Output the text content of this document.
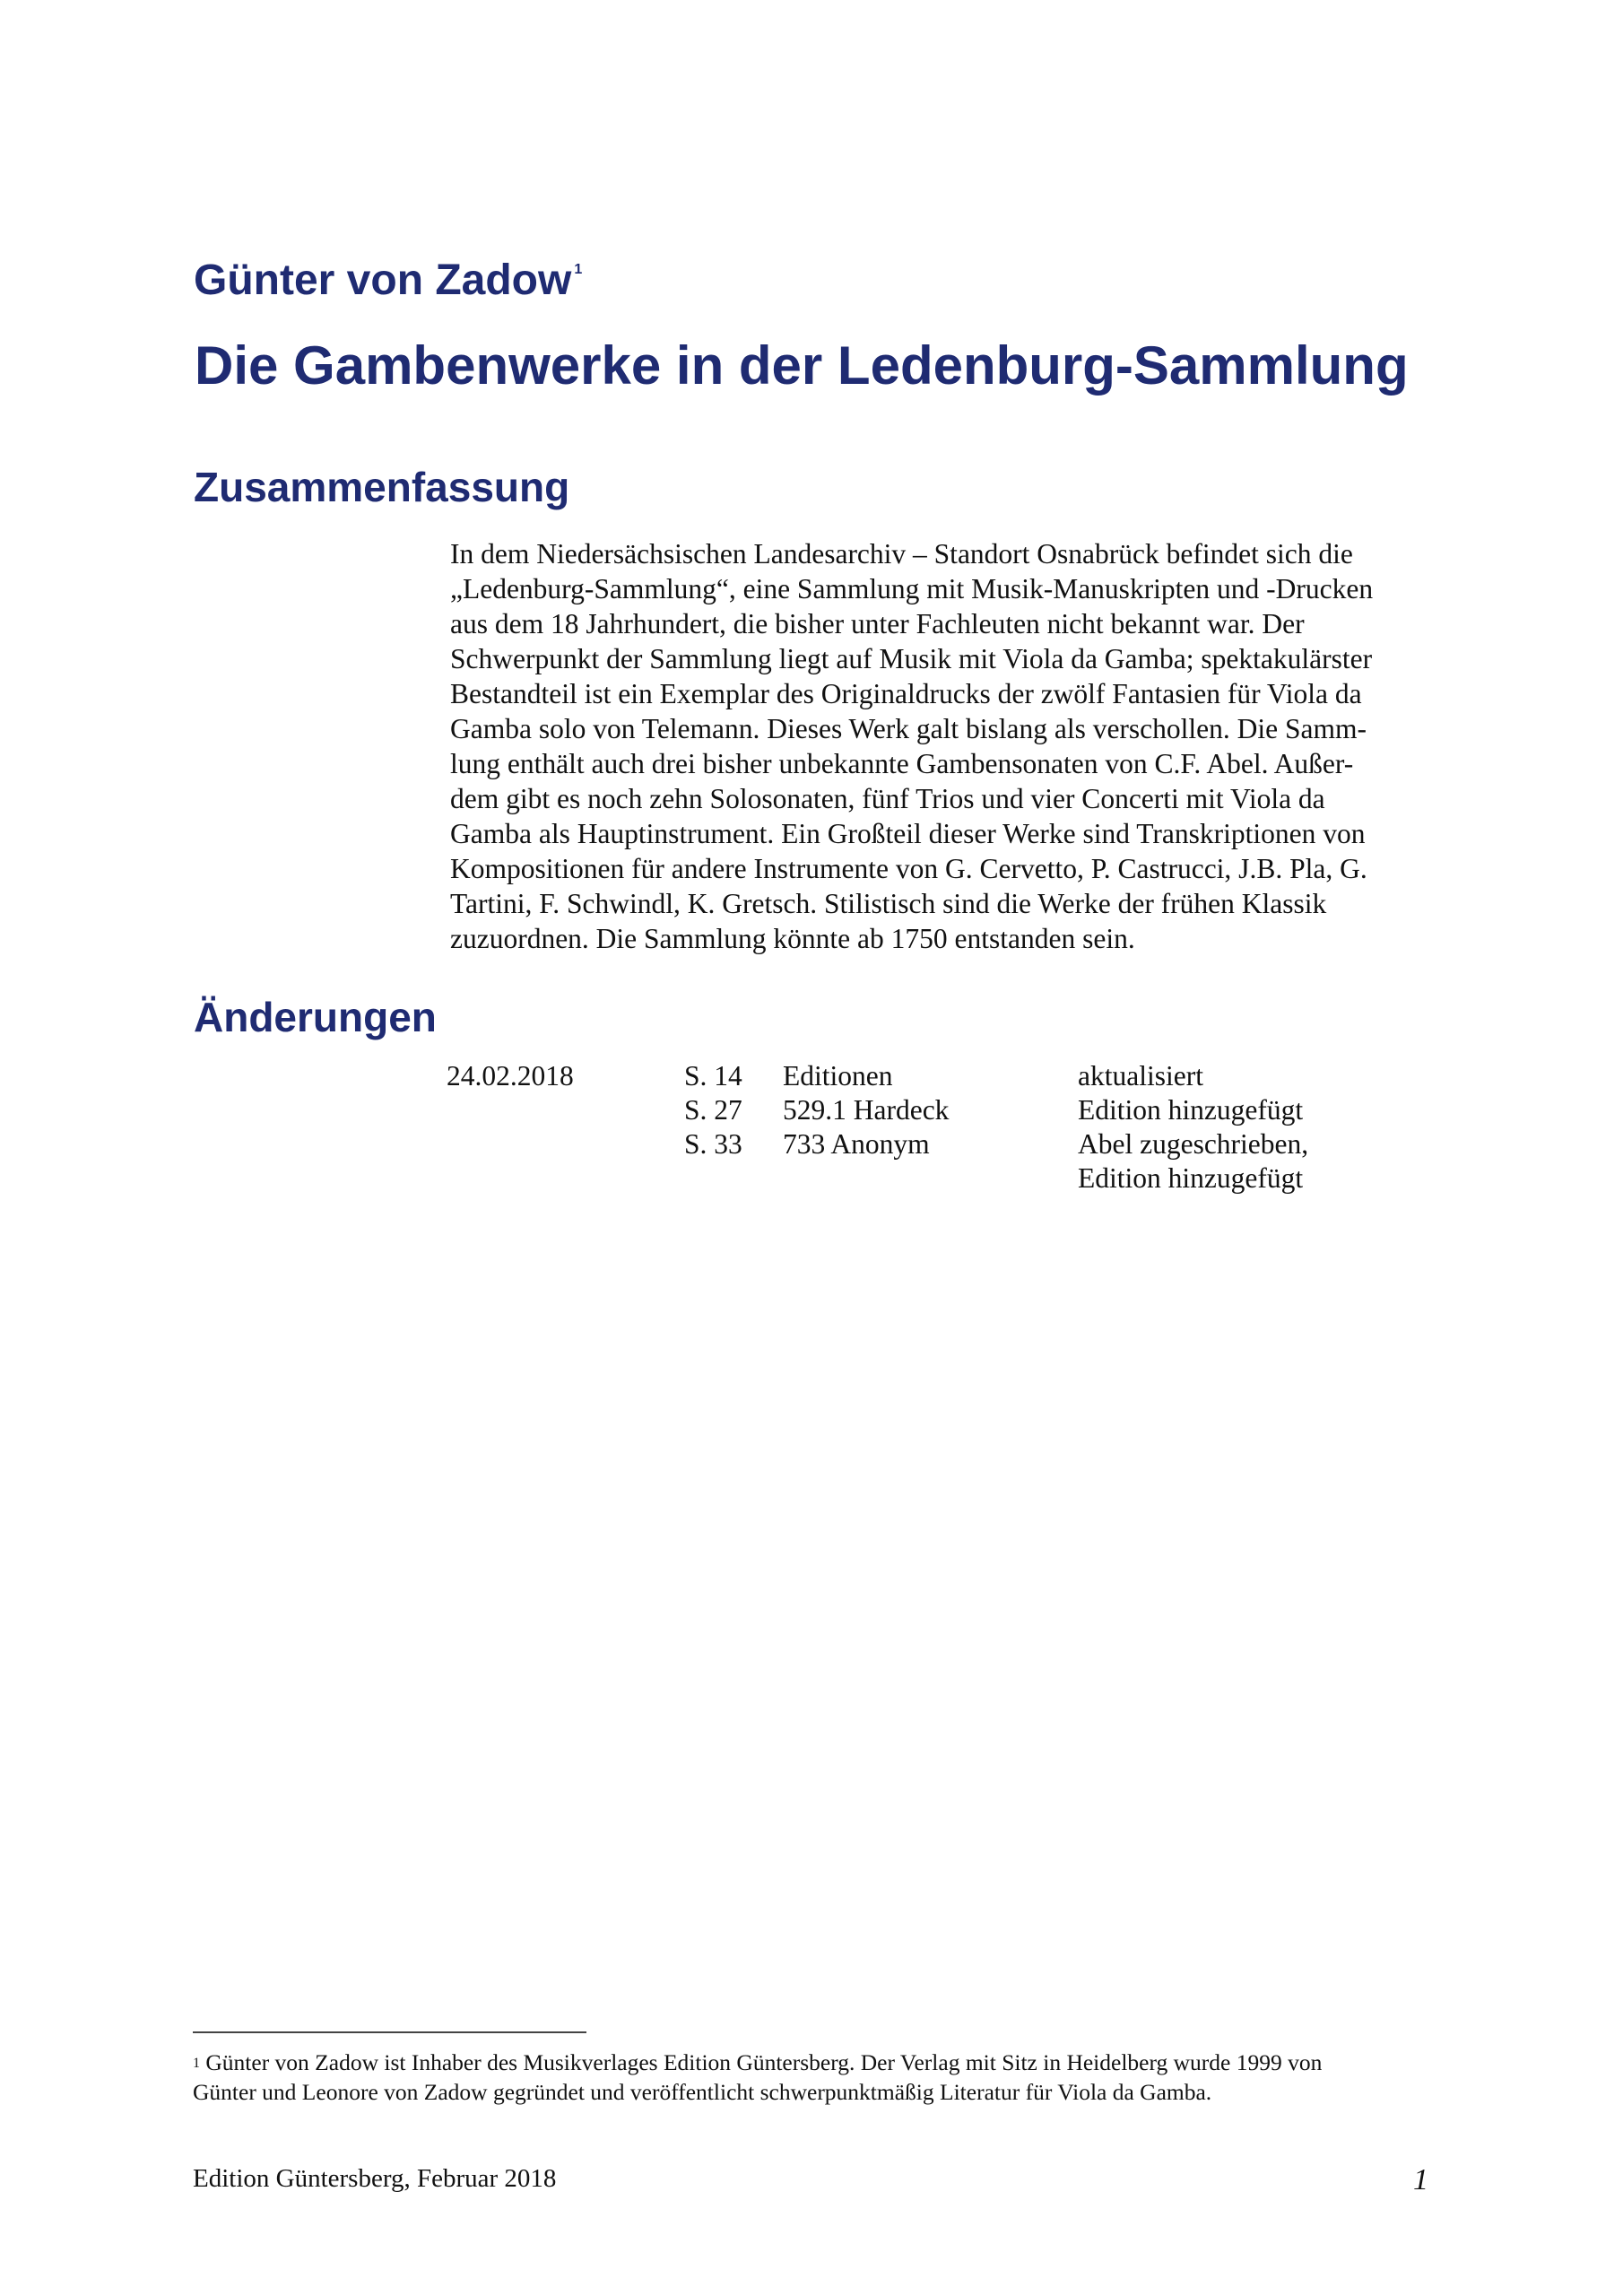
Günter von Zadow $^1$
Die Gambenwerke in der Ledenburg-Sammlung
Zusammenfassung
In dem Niedersächsischen Landesarchiv – Standort Osnabrück befindet sich die
„Ledenburg-Sammlung“, eine Sammlung mit Musik-Manuskripten und -Drucken
aus dem 18 Jahrhundert, die bisher unter Fachleuten nicht bekannt war. Der
Schwerpunkt der Sammlung liegt auf Musik mit Viola da Gamba; spektakulärster
Bestandteil ist ein Exemplar des Originaldrucks der zwölf Fantasien für Viola da
Gamba solo von Telemann. Dieses Werk galt bislang als verschollen. Die Samm-
lung enthält auch drei bisher unbekannte Gambensonaten von C.F. Abel. Außer-
dem gibt es noch zehn Solosonaten, fünf Trios und vier Concerti mit Viola da
Gamba als Hauptinstrument. Ein Großteil dieser Werke sind Transkriptionen von
Kompositionen für andere Instrumente von G. Cervetto, P. Castrucci, J.B. Pla, G.
Tartini, F. Schwindl, K. Gretsch. Stilistisch sind die Werke der frühen Klassik
zuzuordnen. Die Sammlung könnte ab 1750 entstanden sein.
Änderungen
24.02.2018	S. 14 Editionen	aktualisiert
S. 27 529.1 Hardeck	Edition hinzugefügt
S. 33 733 Anonym	Abel zugeschrieben,
Edition hinzugefügt
$^1$ Günter von Zadow ist Inhaber des Musikverlages Edition Güntersberg. Der Verlag mit Sitz in Heidelberg wurde 1999 von
Günter und Leonore von Zadow gegründet und veröffentlicht schwerpunktmäßig Literatur für Viola da Gamba.
Edition Güntersberg, Februar 2018	1
